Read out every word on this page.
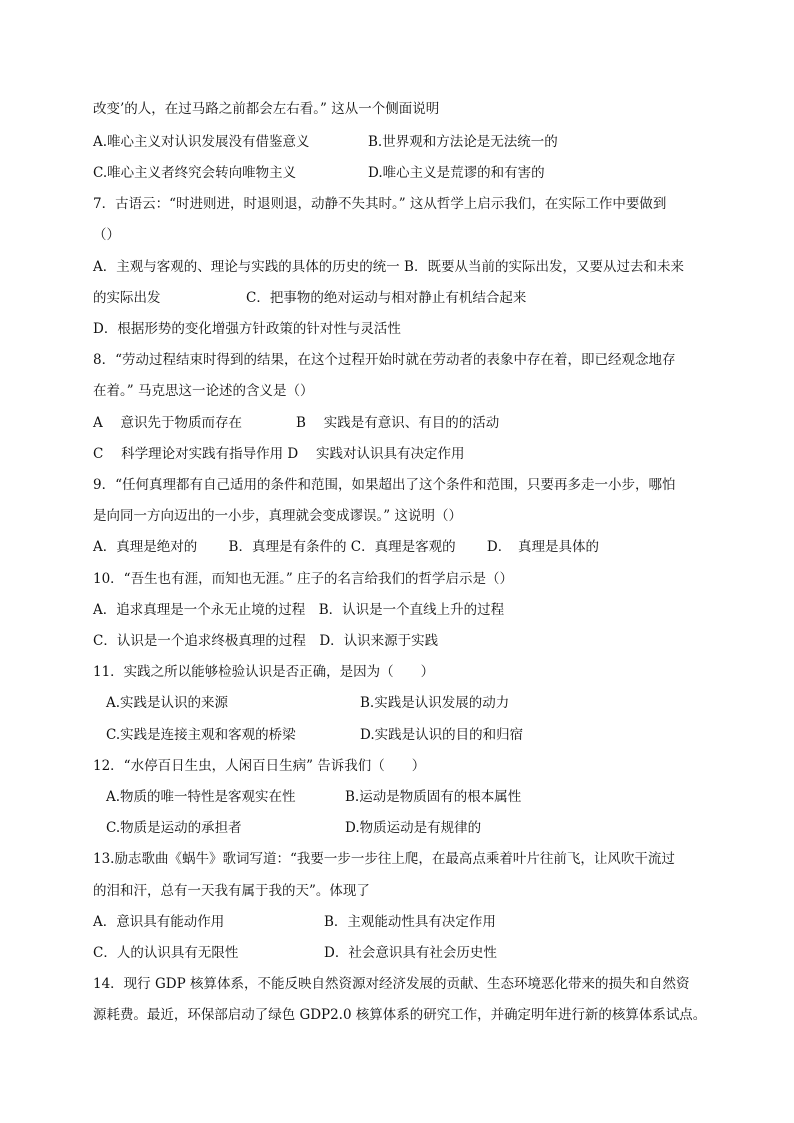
改变’的人，在过马路之前都会左右看。” 这从一个侧面说明
A.唯心主义对认识发展没有借鉴意义	B.世界观和方法论是无法统一的
C.唯心主义者终究会转向唯物主义	D.唯心主义是荒谬的和有害的
7．古语云：“时进则进，时退则退，动静不失其时。” 这从哲学上启示我们，在实际工作中要做到
（）
A．主观与客观的、理论与实践的具体的历史的统一 B．既要从当前的实际出发，又要从过去和未来
的实际出发	C．把事物的绝对运动与相对静止有机结合起来
D．根据形势的变化增强方针政策的针对性与灵活性
8．“劳动过程结束时得到的结果，在这个过程开始时就在劳动者的表象中存在着，即已经观念地存
在着。” 马克思这一论述的含义是（）
A　 意识先于物质而存在	B　 实践是有意识、有目的的活动
C　 科学理论对实践有指导作用 D　 实践对认识具有决定作用
9．“任何真理都有自己适用的条件和范围，如果超出了这个条件和范围，只要再多走一小步，哪怕
是向同一方向迈出的一小步，真理就会变成谬误。” 这说明（）
A．真理是绝对的　　 B．真理是有条件的 C．真理是客观的　　 D．　真理是具体的
10．“吾生也有涯，而知也无涯。” 庄子的名言给我们的哲学启示是（）
A．追求真理是一个永无止境的过程　B．认识是一个直线上升的过程
C．认识是一个追求终极真理的过程　D．认识来源于实践
11．实践之所以能够检验认识是否正确，是因为（　　）
A.实践是认识的来源	B.实践是认识发展的动力
C.实践是连接主观和客观的桥梁	D.实践是认识的目的和归宿
12．“水停百日生虫，人闲百日生病” 告诉我们（　　）
A.物质的唯一特性是客观实在性	B.运动是物质固有的根本属性
C.物质是运动的承担者	D.物质运动是有规律的
13.励志歌曲《蜗牛》歌词写道：“我要一步一步往上爬，在最高点乘着叶片往前飞，让风吹干流过
的泪和汗，总有一天我有属于我的天”。体现了
A．意识具有能动作用	B．主观能动性具有决定作用
C．人的认识具有无限性	D．社会意识具有社会历史性
14．现行 GDP 核算体系，不能反映自然资源对经济发展的贡献、生态环境恶化带来的损失和自然资
源耗费。最近，环保部启动了绿色 GDP2.0 核算体系的研究工作，并确定明年进行新的核算体系试点。
